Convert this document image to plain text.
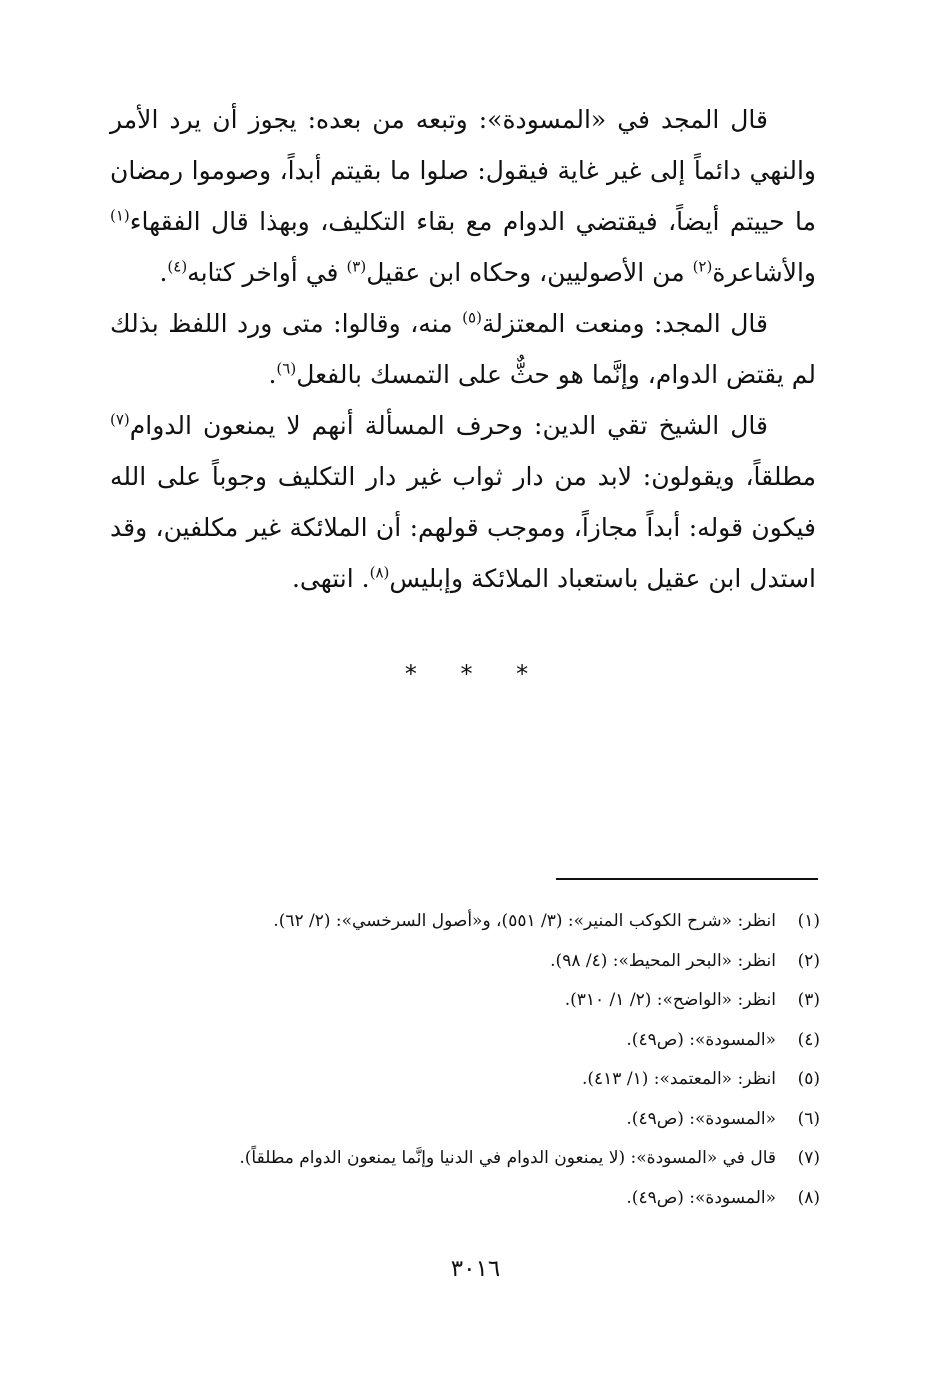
قال المجد في «المسودة»: وتبعه من بعده: يجوز أن يرد الأمر والنهي دائماً إلى غير غاية فيقول: صلوا ما بقيتم أبداً، وصوموا رمضان ما حييتم أيضاً، فيقتضي الدوام مع بقاء التكليف، وبهذا قال الفقهاء$^{(١)}$ والأشاعرة$^{(٢)}$ من الأصوليين، وحكاه ابن عقيل$^{(٣)}$ في أواخر كتابه$^{(٤)}$.

قال المجد: ومنعت المعتزلة$^{(٥)}$ منه، وقالوا: متى ورد اللفظ بذلك لم يقتض الدوام، وإنَّما هو حثٌّ على التمسك بالفعل$^{(٦)}$.

قال الشيخ تقي الدين: وحرف المسألة أنهم لا يمنعون الدوام$^{(٧)}$ مطلقاً، ويقولون: لابد من دار ثواب غير دار التكليف وجوباً على الله فيكون قوله: أبداً مجازاً، وموجب قولهم: أن الملائكة غير مكلفين، وقد استدل ابن عقيل باستعباد الملائكة وإبليس$^{(٨)}$. انتهى.

* * *
(١)
انظر: «شرح الكوكب المنير»: (٣/ ٥٥١)، و«أصول السرخسي»: (٢/ ٦٢).
(٢)
انظر: «البحر المحيط»: (٤/ ٩٨).
(٣)
انظر: «الواضح»: (٢/ ١/ ٣١٠).
(٤)
«المسودة»: (ص٤٩).
(٥)
انظر: «المعتمد»: (١/ ٤١٣).
(٦)
«المسودة»: (ص٤٩).
(٧)
قال في «المسودة»: (لا يمنعون الدوام في الدنيا وإنَّما يمنعون الدوام مطلقاً).
(٨)
«المسودة»: (ص٤٩).
٣٠١٦
